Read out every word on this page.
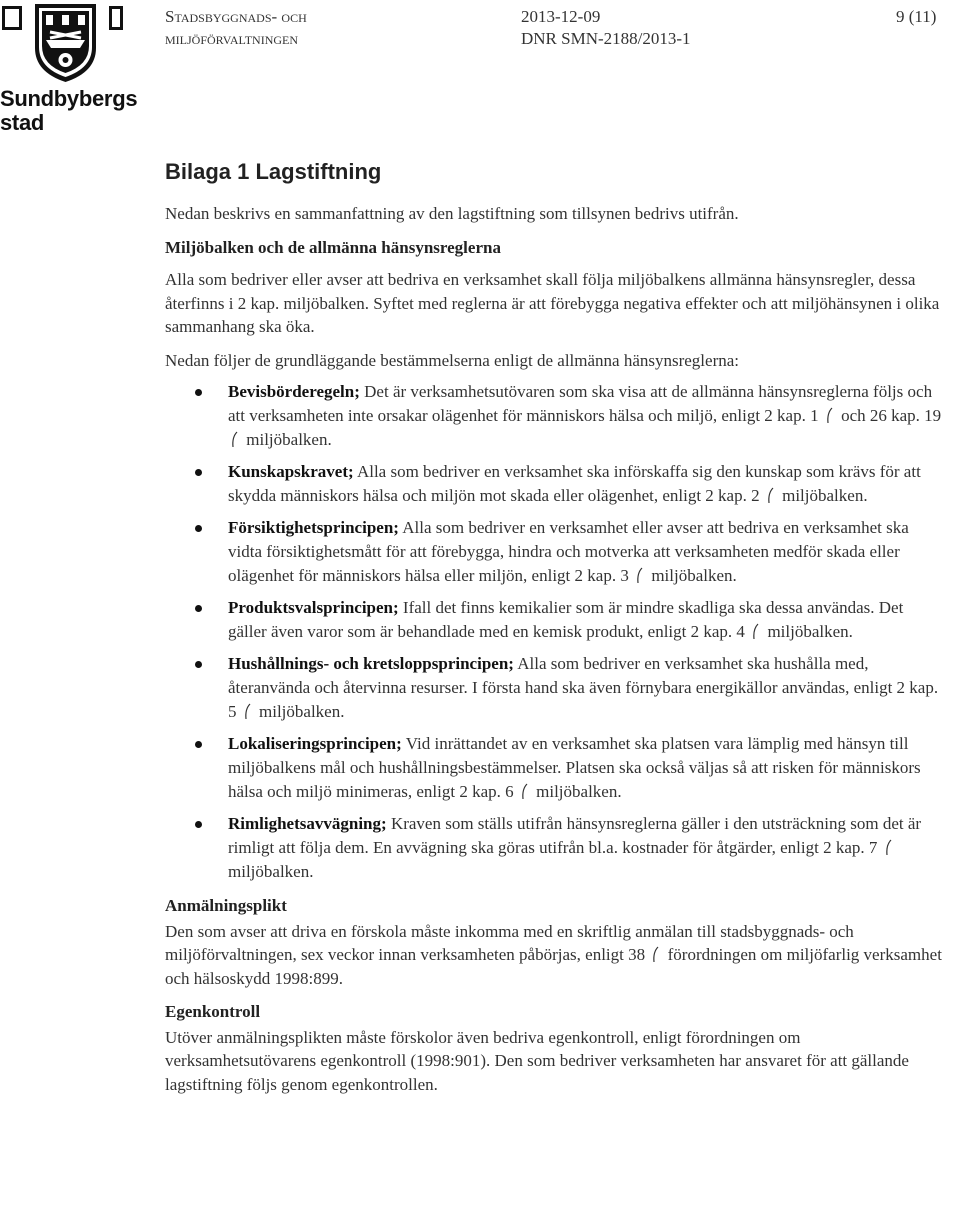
Sundbybergs
stad
Stadsbyggnads- och
miljöförvaltningen
2013-12-09
DNR SMN-2188/2013-1
9 (11)
Bilaga 1 Lagstiftning

Nedan beskrivs en sammanfattning av den lagstiftning som tillsynen bedrivs utifrån.

Miljöbalken och de allmänna hänsynsreglerna

Alla som bedriver eller avser att bedriva en verksamhet skall följa miljöbalkens allmänna hänsynsregler, dessa återfinns i 2 kap. miljöbalken. Syftet med reglerna är att förebygga negativa effekter och att miljöhänsynen i olika sammanhang ska öka.

Nedan följer de grundläggande bestämmelserna enligt de allmänna hänsynsreglerna:

Bevisbörderegeln; Det är verksamhetsutövaren som ska visa att de allmänna hänsynsreglerna följs och att verksamheten inte orsakar olägenhet för människors hälsa och miljö, enligt 2 kap. 1 och 26 kap. 19
miljöbalken.
Kunskapskravet; Alla som bedriver en verksamhet ska införskaffa sig den kunskap som krävs för att skydda människors hälsa och miljön mot skada eller olägenhet, enligt 2 kap. 2 miljöbalken.
Försiktighetsprincipen; Alla som bedriver en verksamhet eller avser att bedriva en verksamhet ska vidta försiktighetsmått för att förebygga, hindra och motverka att verksamheten medför skada eller olägenhet för människors hälsa eller miljön, enligt 2 kap. 3 miljöbalken.
Produktsvalsprincipen; Ifall det finns kemikalier som är mindre skadliga ska dessa användas. Det gäller även varor som är behandlade med en kemisk produkt, enligt 2 kap. 4 miljöbalken.
Hushållnings- och kretsloppsprincipen; Alla som bedriver en verksamhet ska hushålla med, återanvända och återvinna resurser. I första hand ska även förnybara energikällor användas, enligt 2 kap. 5 miljöbalken.
Lokaliseringsprincipen; Vid inrättandet av en verksamhet ska platsen vara lämplig med hänsyn till miljöbalkens mål och hushållningsbestämmelser. Platsen ska också väljas så att risken för människors hälsa och miljö minimeras, enligt 2 kap. 6 miljöbalken.
Rimlighetsavvägning; Kraven som ställs utifrån hänsynsreglerna gäller i den utsträckning som det är rimligt att följa dem. En avvägning ska göras utifrån bl.a. kostnader för åtgärder, enligt 2 kap. 7
miljöbalken.
Anmälningsplikt

Den som avser att driva en förskola måste inkomma med en skriftlig anmälan till stadsbyggnads- och miljöförvaltningen, sex veckor innan verksamheten påbörjas, enligt 38 förordningen om miljöfarlig verksamhet och hälsoskydd 1998:899.

Egenkontroll

Utöver anmälningsplikten måste förskolor även bedriva egenkontroll, enligt förordningen om verksamhetsutövarens egenkontroll (1998:901). Den som bedriver verksamheten har ansvaret för att gällande lagstiftning följs genom egenkontrollen.
